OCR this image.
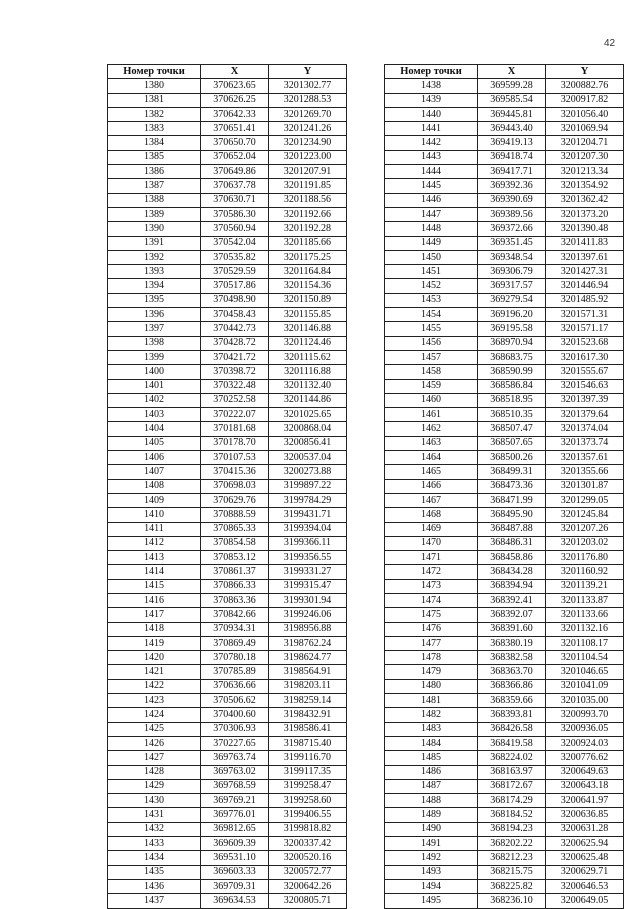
42
Номер точки	X	Y
1380	370623.65	3201302.77
1381	370626.25	3201288.53
1382	370642.33	3201269.70
1383	370651.41	3201241.26
1384	370650.70	3201234.90
1385	370652.04	3201223.00
1386	370649.86	3201207.91
1387	370637.78	3201191.85
1388	370630.71	3201188.56
1389	370586.30	3201192.66
1390	370560.94	3201192.28
1391	370542.04	3201185.66
1392	370535.82	3201175.25
1393	370529.59	3201164.84
1394	370517.86	3201154.36
1395	370498.90	3201150.89
1396	370458.43	3201155.85
1397	370442.73	3201146.88
1398	370428.72	3201124.46
1399	370421.72	3201115.62
1400	370398.72	3201116.88
1401	370322.48	3201132.40
1402	370252.58	3201144.86
1403	370222.07	3201025.65
1404	370181.68	3200868.04
1405	370178.70	3200856.41
1406	370107.53	3200537.04
1407	370415.36	3200273.88
1408	370698.03	3199897.22
1409	370629.76	3199784.29
1410	370888.59	3199431.71
1411	370865.33	3199394.04
1412	370854.58	3199366.11
1413	370853.12	3199356.55
1414	370861.37	3199331.27
1415	370866.33	3199315.47
1416	370863.36	3199301.94
1417	370842.66	3199246.06
1418	370934.31	3198956.88
1419	370869.49	3198762.24
1420	370780.18	3198624.77
1421	370785.89	3198564.91
1422	370636.66	3198203.11
1423	370506.62	3198259.14
1424	370400.60	3198432.91
1425	370306.93	3198586.41
1426	370227.65	3198715.40
1427	369763.74	3199116.70
1428	369763.02	3199117.35
1429	369768.59	3199258.47
1430	369769.21	3199258.60
1431	369776.01	3199406.55
1432	369812.65	3199818.82
1433	369609.39	3200337.42
1434	369531.10	3200520.16
1435	369603.33	3200572.77
1436	369709.31	3200642.26
1437	369634.53	3200805.71
Номер точки	X	Y
1438	369599.28	3200882.76
1439	369585.54	3200917.82
1440	369445.81	3201056.40
1441	369443.40	3201069.94
1442	369419.13	3201204.71
1443	369418.74	3201207.30
1444	369417.71	3201213.34
1445	369392.36	3201354.92
1446	369390.69	3201362.42
1447	369389.56	3201373.20
1448	369372.66	3201390.48
1449	369351.45	3201411.83
1450	369348.54	3201397.61
1451	369306.79	3201427.31
1452	369317.57	3201446.94
1453	369279.54	3201485.92
1454	369196.20	3201571.31
1455	369195.58	3201571.17
1456	368970.94	3201523.68
1457	368683.75	3201617.30
1458	368590.99	3201555.67
1459	368586.84	3201546.63
1460	368518.95	3201397.39
1461	368510.35	3201379.64
1462	368507.47	3201374.04
1463	368507.65	3201373.74
1464	368500.26	3201357.61
1465	368499.31	3201355.66
1466	368473.36	3201301.87
1467	368471.99	3201299.05
1468	368495.90	3201245.84
1469	368487.88	3201207.26
1470	368486.31	3201203.02
1471	368458.86	3201176.80
1472	368434.28	3201160.92
1473	368394.94	3201139.21
1474	368392.41	3201133.87
1475	368392.07	3201133.66
1476	368391.60	3201132.16
1477	368380.19	3201108.17
1478	368382.58	3201104.54
1479	368363.70	3201046.65
1480	368366.86	3201041.09
1481	368359.66	3201035.00
1482	368393.81	3200993.70
1483	368426.58	3200936.05
1484	368419.58	3200924.03
1485	368224.02	3200776.62
1486	368163.97	3200649.63
1487	368172.67	3200643.18
1488	368174.29	3200641.97
1489	368184.52	3200636.85
1490	368194.23	3200631.28
1491	368202.22	3200625.94
1492	368212.23	3200625.48
1493	368215.75	3200629.71
1494	368225.82	3200646.53
1495	368236.10	3200649.05
